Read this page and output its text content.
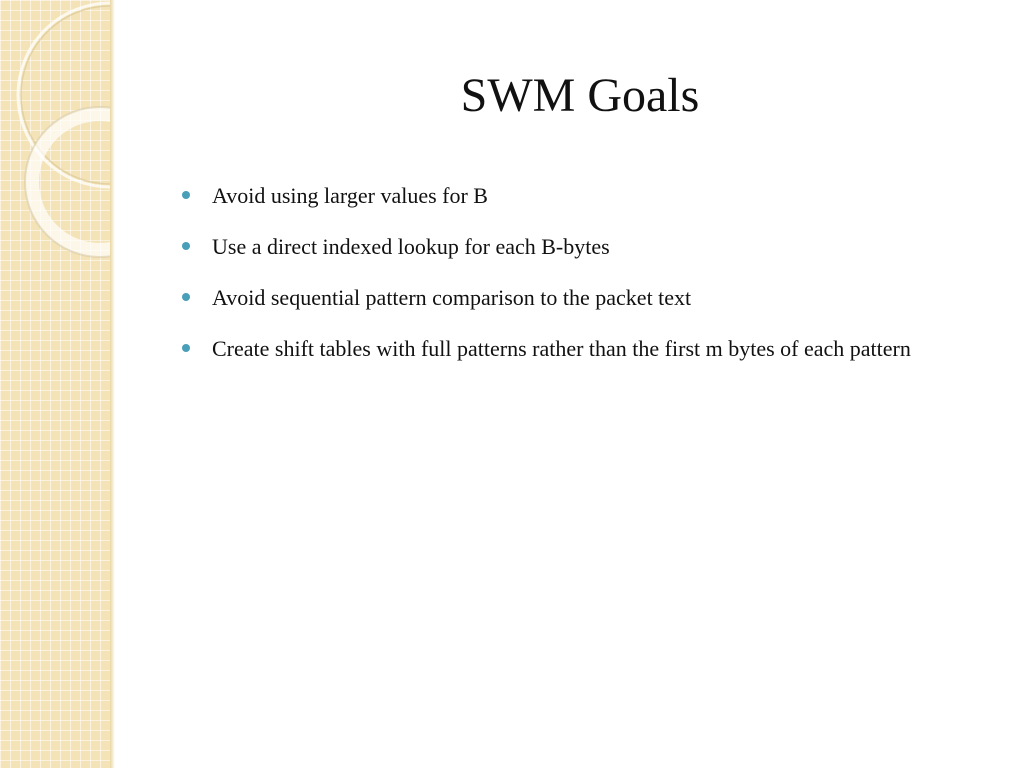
SWM Goals
Avoid using larger values for B
Use a direct indexed lookup for each B-bytes
Avoid sequential pattern comparison to the packet text
Create shift tables with full patterns rather than the first m bytes of each pattern
